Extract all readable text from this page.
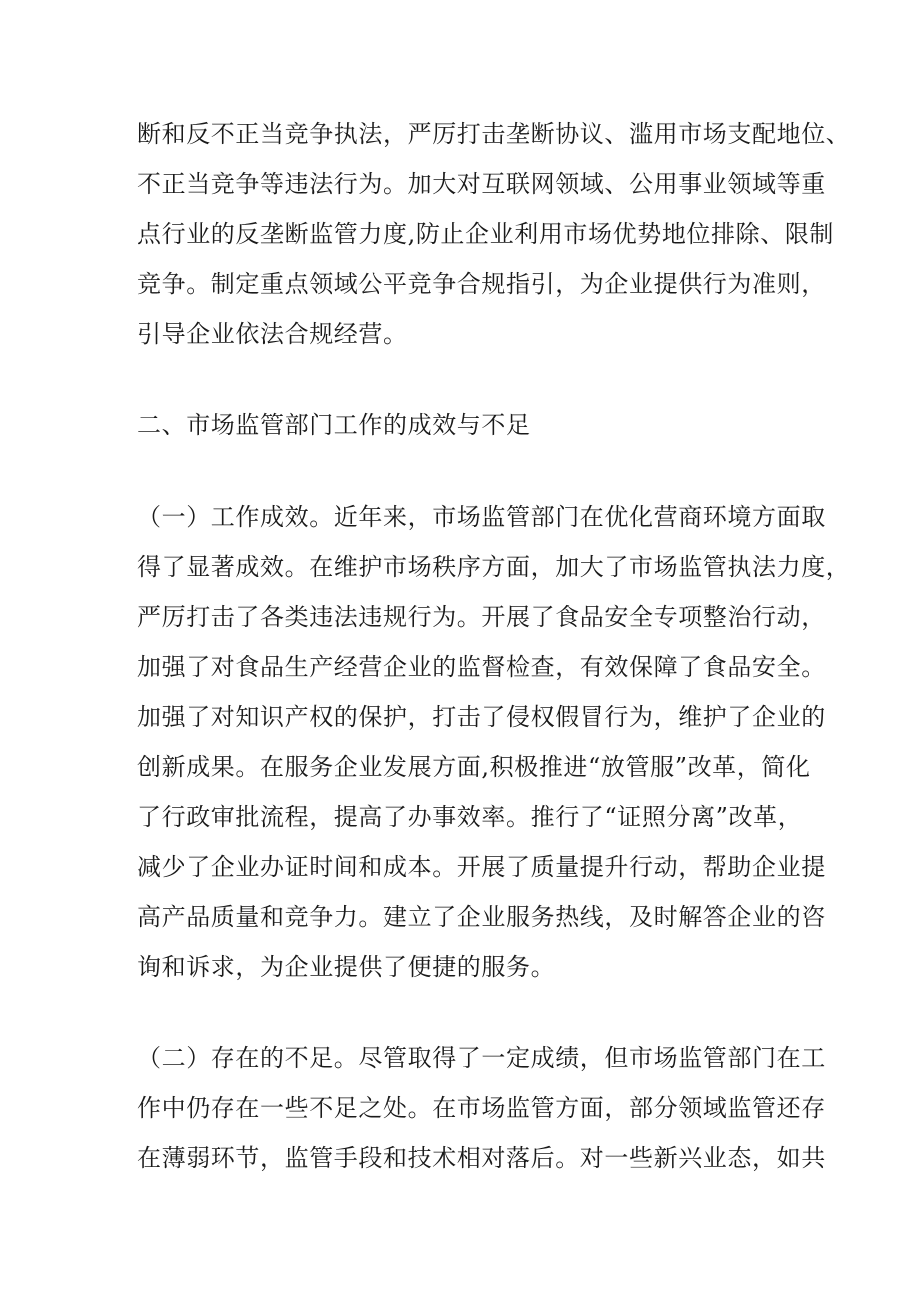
断和反不正当竞争执法，严厉打击垄断协议、滥用市场支配地位、
不正当竞争等违法行为。加大对互联网领域、公用事业领域等重
点行业的反垄断监管力度,防止企业利用市场优势地位排除、限制
竞争。制定重点领域公平竞争合规指引，为企业提供行为准则，
引导企业依法合规经营。
二、市场监管部门工作的成效与不足
（一）工作成效。近年来，市场监管部门在优化营商环境方面取
得了显著成效。在维护市场秩序方面，加大了市场监管执法力度，
严厉打击了各类违法违规行为。开展了食品安全专项整治行动，
加强了对食品生产经营企业的监督检查，有效保障了食品安全。
加强了对知识产权的保护，打击了侵权假冒行为，维护了企业的
创新成果。在服务企业发展方面,积极推进“放管服”改革，简化
了行政审批流程，提高了办事效率。推行了“证照分离”改革，
减少了企业办证时间和成本。开展了质量提升行动，帮助企业提
高产品质量和竞争力。建立了企业服务热线，及时解答企业的咨
询和诉求，为企业提供了便捷的服务。
（二）存在的不足。尽管取得了一定成绩，但市场监管部门在工
作中仍存在一些不足之处。在市场监管方面，部分领域监管还存
在薄弱环节，监管手段和技术相对落后。对一些新兴业态，如共
